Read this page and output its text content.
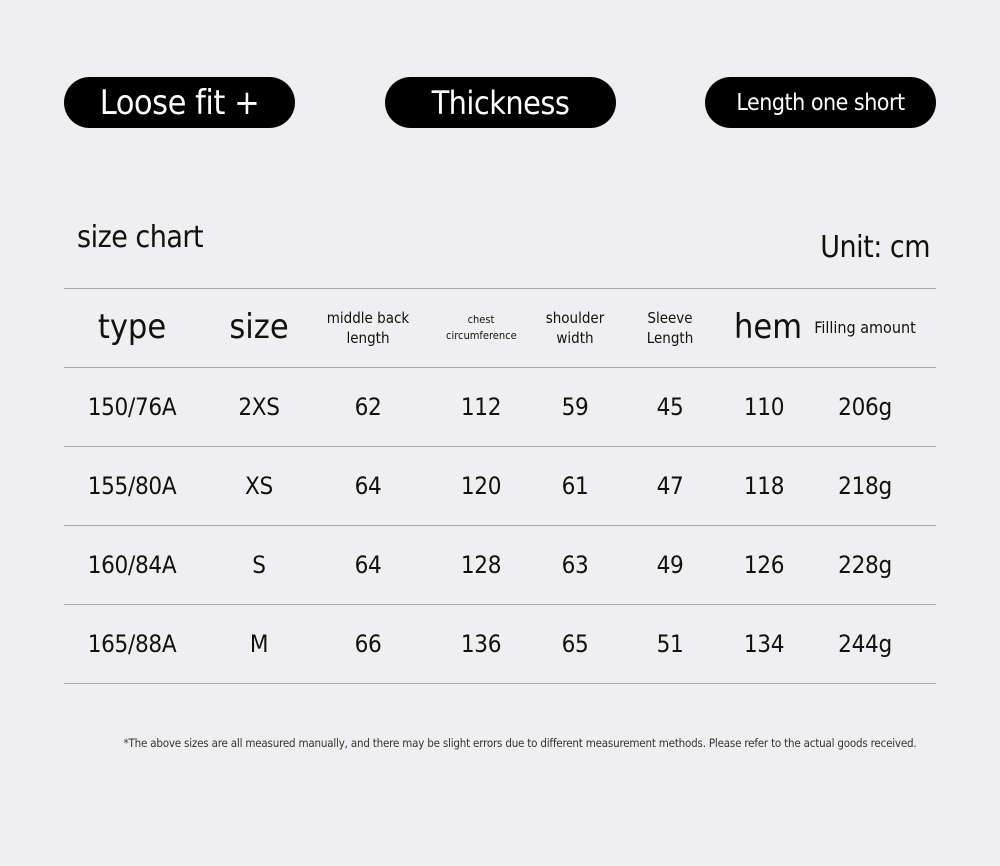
Loose fit +	Thickness	Length one short
size chart	Unit: cm
type	size	middle back length	chest circumference	shoulder width	Sleeve Length	hem	Filling amount
150/76A	2XS	62	112	59	45	110	206g
155/80A	XS	64	120	61	47	118	218g
160/84A	S	64	128	63	49	126	228g
165/88A	M	66	136	65	51	134	244g
*The above sizes are all measured manually, and there may be slight errors due to different measurement methods. Please refer to the actual goods received.
